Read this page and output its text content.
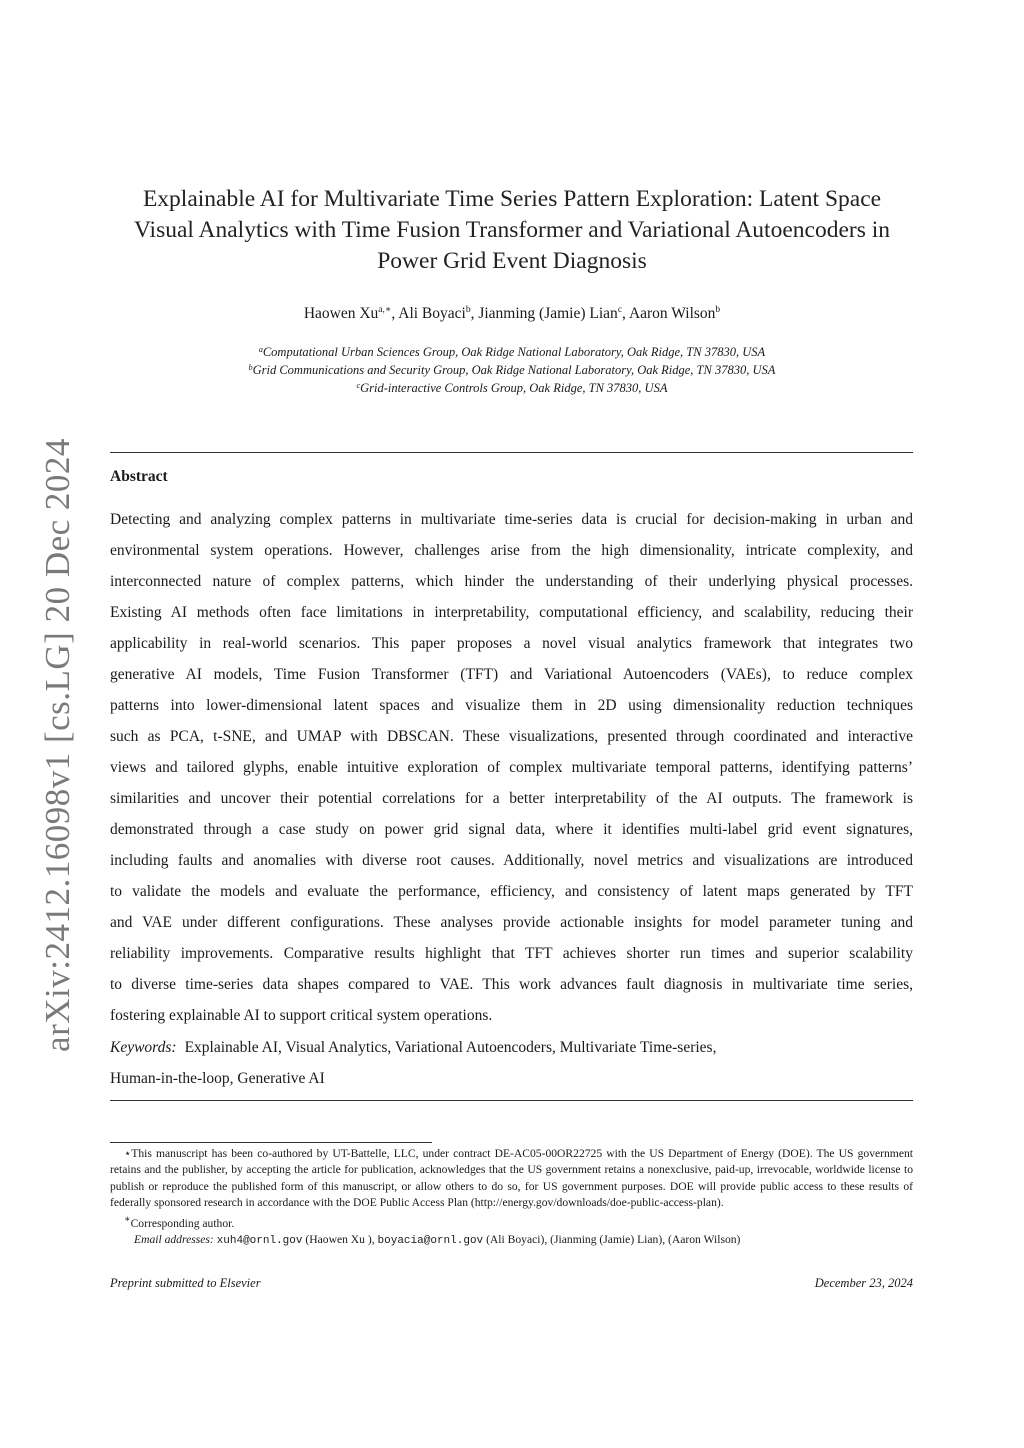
arXiv:2412.16098v1 [cs.LG] 20 Dec 2024
Explainable AI for Multivariate Time Series Pattern Exploration: Latent Space
Visual Analytics with Time Fusion Transformer and Variational Autoencoders in
Power Grid Event Diagnosis
Haowen $Xu^{a,∗}$, Ali Boyaci$^b$, Jianming (Jamie) Lian$^c$, Aaron Wilson$^b$
$^a$Computational Urban Sciences Group, Oak Ridge National Laboratory, Oak Ridge, TN 37830, USA
$^b$Grid Communications and Security Group, Oak Ridge National Laboratory, Oak Ridge, TN 37830, USA
$^c$Grid-interactive Controls Group, Oak Ridge, TN 37830, USA
Abstract
Detecting and analyzing complex patterns in multivariate time-series data is crucial for decision-making in urban and
environmental system operations. However, challenges arise from the high dimensionality, intricate complexity, and
interconnected nature of complex patterns, which hinder the understanding of their underlying physical processes.
Existing AI methods often face limitations in interpretability, computational efficiency, and scalability, reducing their
applicability in real-world scenarios. This paper proposes a novel visual analytics framework that integrates two
generative AI models, Time Fusion Transformer (TFT) and Variational Autoencoders (VAEs), to reduce complex
patterns into lower-dimensional latent spaces and visualize them in 2D using dimensionality reduction techniques
such as PCA, t-SNE, and UMAP with DBSCAN. These visualizations, presented through coordinated and interactive
views and tailored glyphs, enable intuitive exploration of complex multivariate temporal patterns, identifying patterns’
similarities and uncover their potential correlations for a better interpretability of the AI outputs. The framework is
demonstrated through a case study on power grid signal data, where it identifies multi-label grid event signatures,
including faults and anomalies with diverse root causes. Additionally, novel metrics and visualizations are introduced
to validate the models and evaluate the performance, efficiency, and consistency of latent maps generated by TFT
and VAE under different configurations. These analyses provide actionable insights for model parameter tuning and
reliability improvements. Comparative results highlight that TFT achieves shorter run times and superior scalability
to diverse time-series data shapes compared to VAE. This work advances fault diagnosis in multivariate time series,
fostering explainable AI to support critical system operations.
Keywords: Explainable AI, Visual Analytics, Variational Autoencoders, Multivariate Time-series,
Human-in-the-loop, Generative AI

⋆This manuscript has been co-authored by UT-Battelle, LLC, under contract DE-AC05-00OR22725 with the US Department of Energy (DOE). The US government retains and the publisher, by accepting the article for publication, acknowledges that the US government retains a nonexclusive, paid-up, irrevocable, worldwide license to publish or reproduce the published form of this manuscript, or allow others to do so, for US government purposes. DOE will provide public access to these results of federally sponsored research in accordance with the DOE Public Access Plan (http://energy.gov/downloads/doe-public-access-plan).

∗Corresponding author.

Email addresses: xuh4@ornl.gov (Haowen Xu ), boyacia@ornl.gov (Ali Boyaci), (Jianming (Jamie) Lian), (Aaron Wilson)

Preprint submitted to Elsevier	December 23, 2024
